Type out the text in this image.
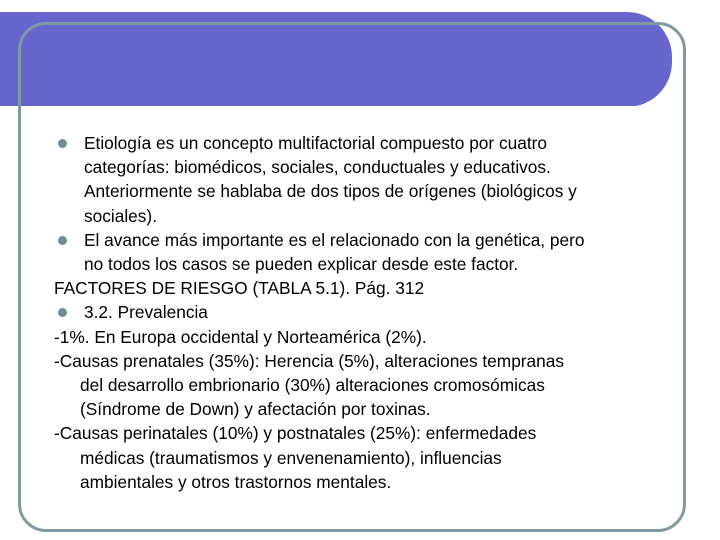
Etiología es un concepto multifactorial compuesto por cuatro
categorías: biomédicos, sociales, conductuales y educativos.
Anteriormente se hablaba de dos tipos de orígenes (biológicos y
sociales).
El avance más importante es el relacionado con la genética, pero
no todos los casos se pueden explicar desde este factor.
FACTORES DE RIESGO (TABLA 5.1). Pág. 312
3.2. Prevalencia
-1%. En Europa occidental y Norteamérica (2%).
-Causas prenatales (35%): Herencia (5%), alteraciones tempranas
del desarrollo embrionario (30%) alteraciones cromosómicas
(Síndrome de Down) y afectación por toxinas.
-Causas perinatales (10%) y postnatales (25%): enfermedades
médicas (traumatismos y envenenamiento), influencias
ambientales y otros trastornos mentales.
